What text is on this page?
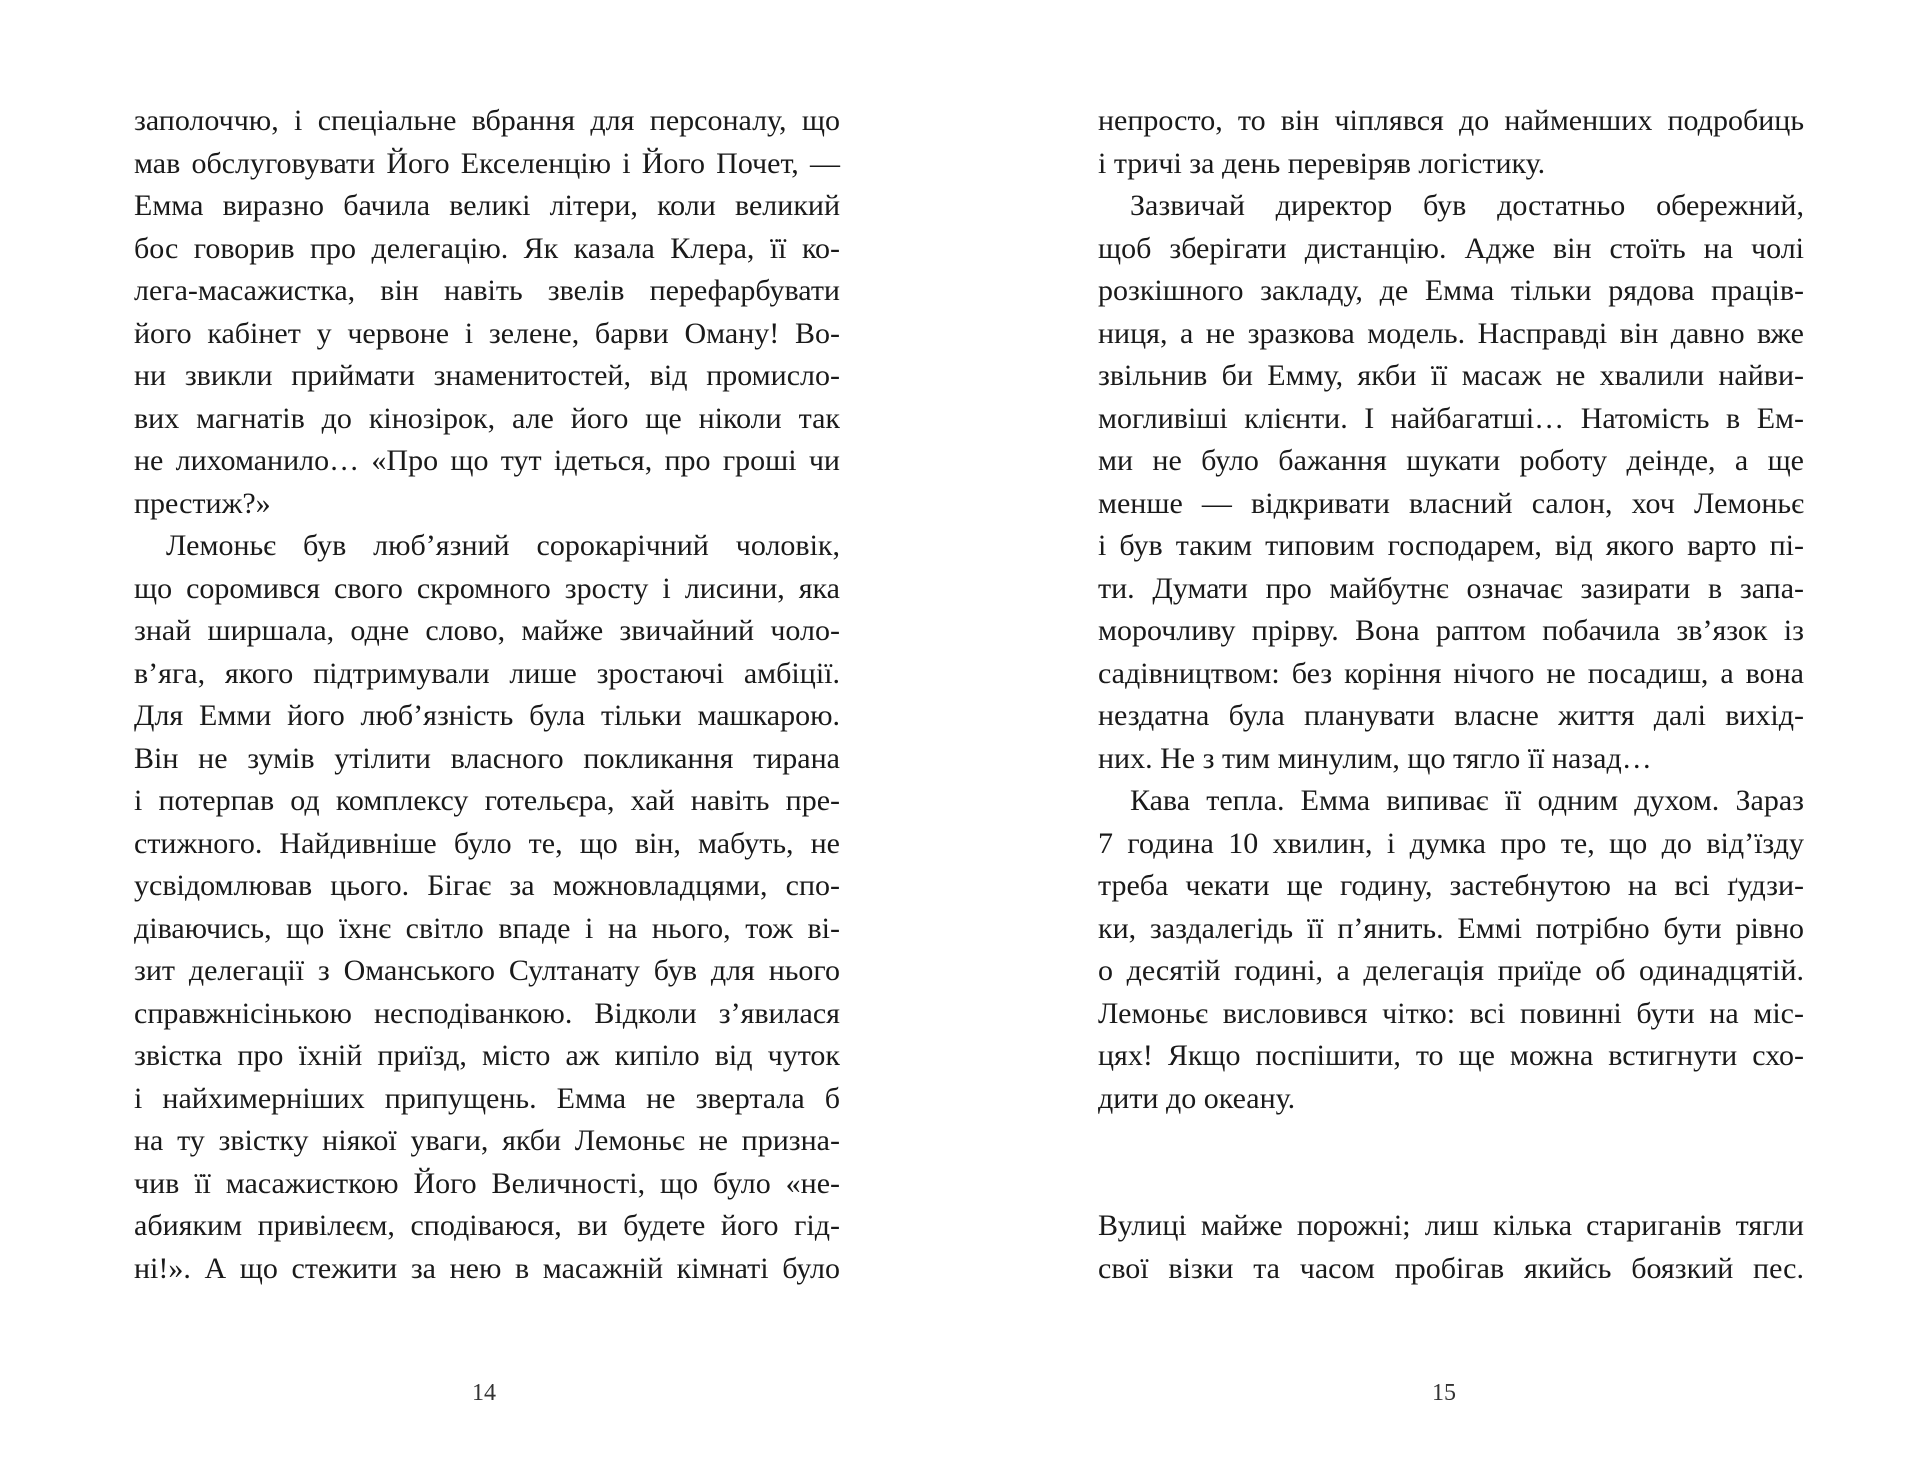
заполоччю, і спеціальне вбрання для персоналу, що
мав обслуговувати Його Екселенцію і Його Почет, —
Емма виразно бачила великі літери, коли великий
бос говорив про делегацію. Як казала Клера, її ко-
легa-масажистка, він навіть звелів перефарбувати
його кабінет у червоне і зелене, барви Оману! Во-
ни звикли приймати знаменитостей, від промисло-
вих магнатів до кінозірок, але його ще ніколи так
не лихоманило… «Про що тут ідеться, про гроші чи
престиж?»
Лемоньє був люб’язний сорокарічний чоловік,
що соромився свого скромного зросту і лисини, яка
знай ширшала, одне слово, майже звичайний чоло-
в’яга, якого підтримували лише зростаючі амбіції.
Для Емми його люб’язність була тільки машкарою.
Він не зумів утілити власного покликання тирана
і потерпав од комплексу готельєра, хай навіть пре-
стижного. Найдивніше було те, що він, мабуть, не
усвідомлював цього. Бігає за можновладцями, спо-
діваючись, що їхнє світло впаде і на нього, тож ві-
зит делегації з Оманського Султанату був для нього
справжнісінькою несподіванкою. Відколи з’явилася
звістка про їхній приїзд, місто аж кипіло від чуток
і найхимерніших припущень. Емма не звертала б
на ту звістку ніякої уваги, якби Лемоньє не призна-
чив її масажисткою Його Величності, що було «не-
абияким привілеєм, сподіваюся, ви будете його гід-
ні!». А що стежити за нею в масажній кімнаті було
14
непросто, то він чіплявся до найменших подробиць
і тричі за день перевіряв логістику.
Зазвичай директор був достатньо обережний,
щоб зберігати дистанцію. Адже він стоїть на чолі
розкішного закладу, де Емма тільки рядова праців-
ниця, а не зразкова модель. Насправді він давно вже
звільнив би Емму, якби її масаж не хвалили найви-
могливіші клієнти. І найбагатші… Натомість в Ем-
ми не було бажання шукати роботу деінде, а ще
менше — відкривати власний салон, хоч Лемоньє
і був таким типовим господарем, від якого варто пі-
ти. Думати про майбутнє означає зазирати в запа-
морочливу прірву. Вона раптом побачила зв’язок із
садівництвом: без коріння нічого не посадиш, а вона
нездатна була планувати власне життя далі вихід-
них. Не з тим минулим, що тягло її назад…
Кава тепла. Емма випиває її одним духом. Зараз
7 година 10 хвилин, і думка про те, що до від’їзду
треба чекати ще годину, застебнутою на всі ґудзи-
ки, заздалегідь її п’янить. Еммі потрібно бути рівно
о десятій годині, а делегація приїде об одинадцятій.
Лемоньє висловився чітко: всі повинні бути на міс-
цях! Якщо поспішити, то ще можна встигнути схо-
дити до океану.
Вулиці майже порожні; лиш кілька стариганів тягли
свої візки та часом пробігав якийсь боязкий пес.
15
